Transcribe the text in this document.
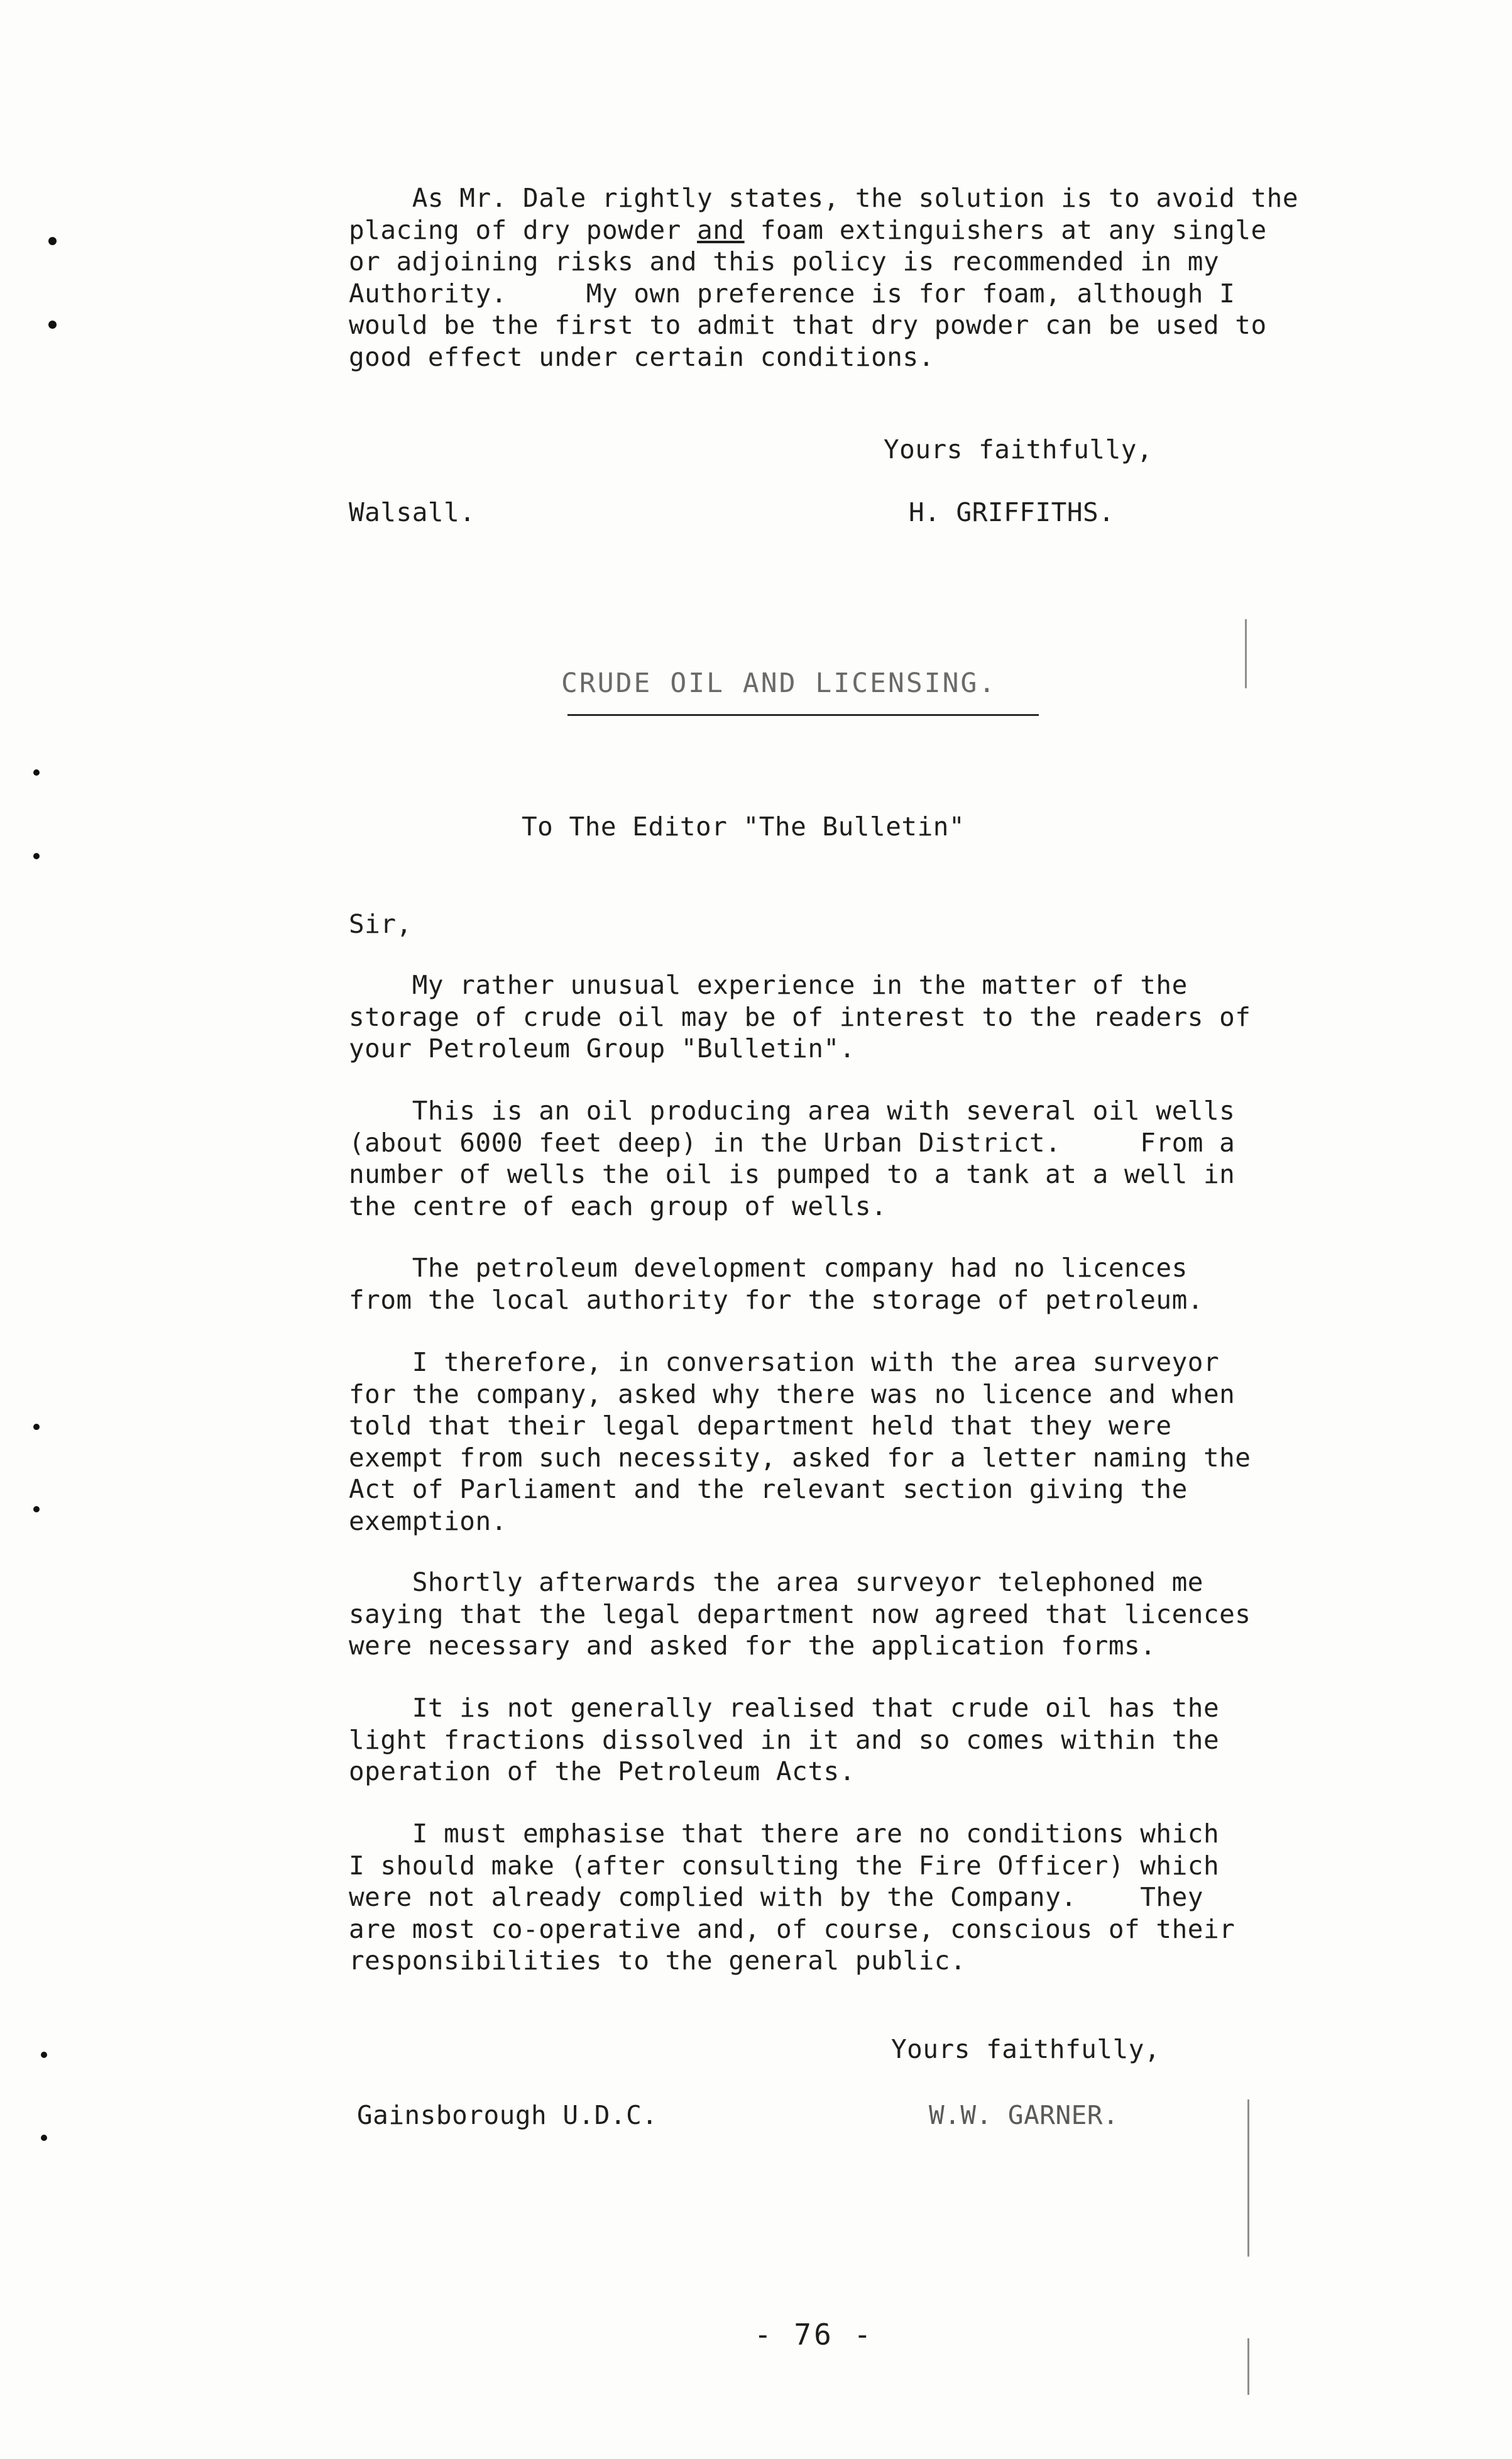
As Mr. Dale rightly states, the solution is to avoid the
placing of dry powder and foam extinguishers at any single
or adjoining risks and this policy is recommended in my
Authority.     My own preference is for foam, although I
would be the first to admit that dry powder can be used to
good effect under certain conditions.
Yours faithfully,
Walsall.	H. GRIFFITHS.
CRUDE OIL AND LICENSING.
To The Editor "The Bulletin"
Sir,
My rather unusual experience in the matter of the
storage of crude oil may be of interest to the readers of
your Petroleum Group "Bulletin".
This is an oil producing area with several oil wells
(about 6000 feet deep) in the Urban District.     From a
number of wells the oil is pumped to a tank at a well in
the centre of each group of wells.
The petroleum development company had no licences
from the local authority for the storage of petroleum.
I therefore, in conversation with the area surveyor
for the company, asked why there was no licence and when
told that their legal department held that they were
exempt from such necessity, asked for a letter naming the
Act of Parliament and the relevant section giving the
exemption.
Shortly afterwards the area surveyor telephoned me
saying that the legal department now agreed that licences
were necessary and asked for the application forms.
It is not generally realised that crude oil has the
light fractions dissolved in it and so comes within the
operation of the Petroleum Acts.
I must emphasise that there are no conditions which
I should make (after consulting the Fire Officer) which
were not already complied with by the Company.    They
are most co-operative and, of course, conscious of their
responsibilities to the general public.
Yours faithfully,
Gainsborough U.D.C.	W.W. GARNER.
- 76 -
